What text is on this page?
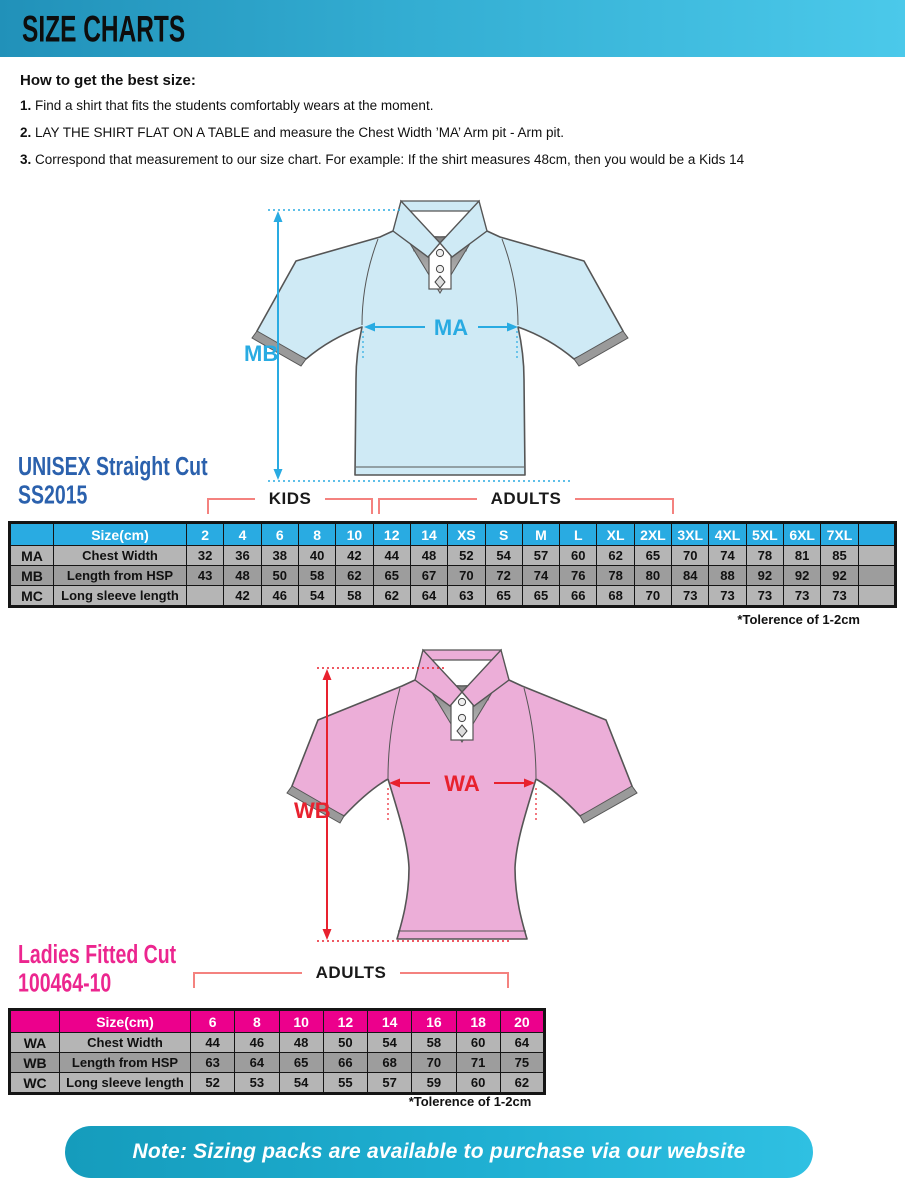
SIZE CHARTS
How to get the best size:

1. Find a shirt that fits the students comfortably wears at the moment.

2. LAY THE SHIRT FLAT ON A TABLE and measure the Chest Width ’MA’ Arm pit - Arm pit.

3. Correspond that measurement to our size chart. For example: If the shirt measures 48cm, then you would be a Kids 14

MB
MA
UNISEX Straight Cut
SS2015	KIDS	ADULTS
	Size(cm)	2	4	6	8	10	12	14	XS	S	M	L	XL	2XL	3XL	4XL	5XL	6XL	7XL	
MA	Chest Width	32	36	38	40	42	44	48	52	54	57	60	62	65	70	74	78	81	85	
MB	Length from HSP	43	48	50	58	62	65	67	70	72	74	76	78	80	84	88	92	92	92	
MC	Long sleeve length		42	46	54	58	62	64	63	65	65	66	68	70	73	73	73	73	73	
*Tolerence of 1-2cm
WB
WA
Ladies Fitted Cut
100464-10	ADULTS
	Size(cm)	6	8	10	12	14	16	18	20
WA	Chest Width	44	46	48	50	54	58	60	64
WB	Length from HSP	63	64	65	66	68	70	71	75
WC	Long sleeve length	52	53	54	55	57	59	60	62
*Tolerence of 1-2cm
Note: Sizing packs are available to purchase via our website
